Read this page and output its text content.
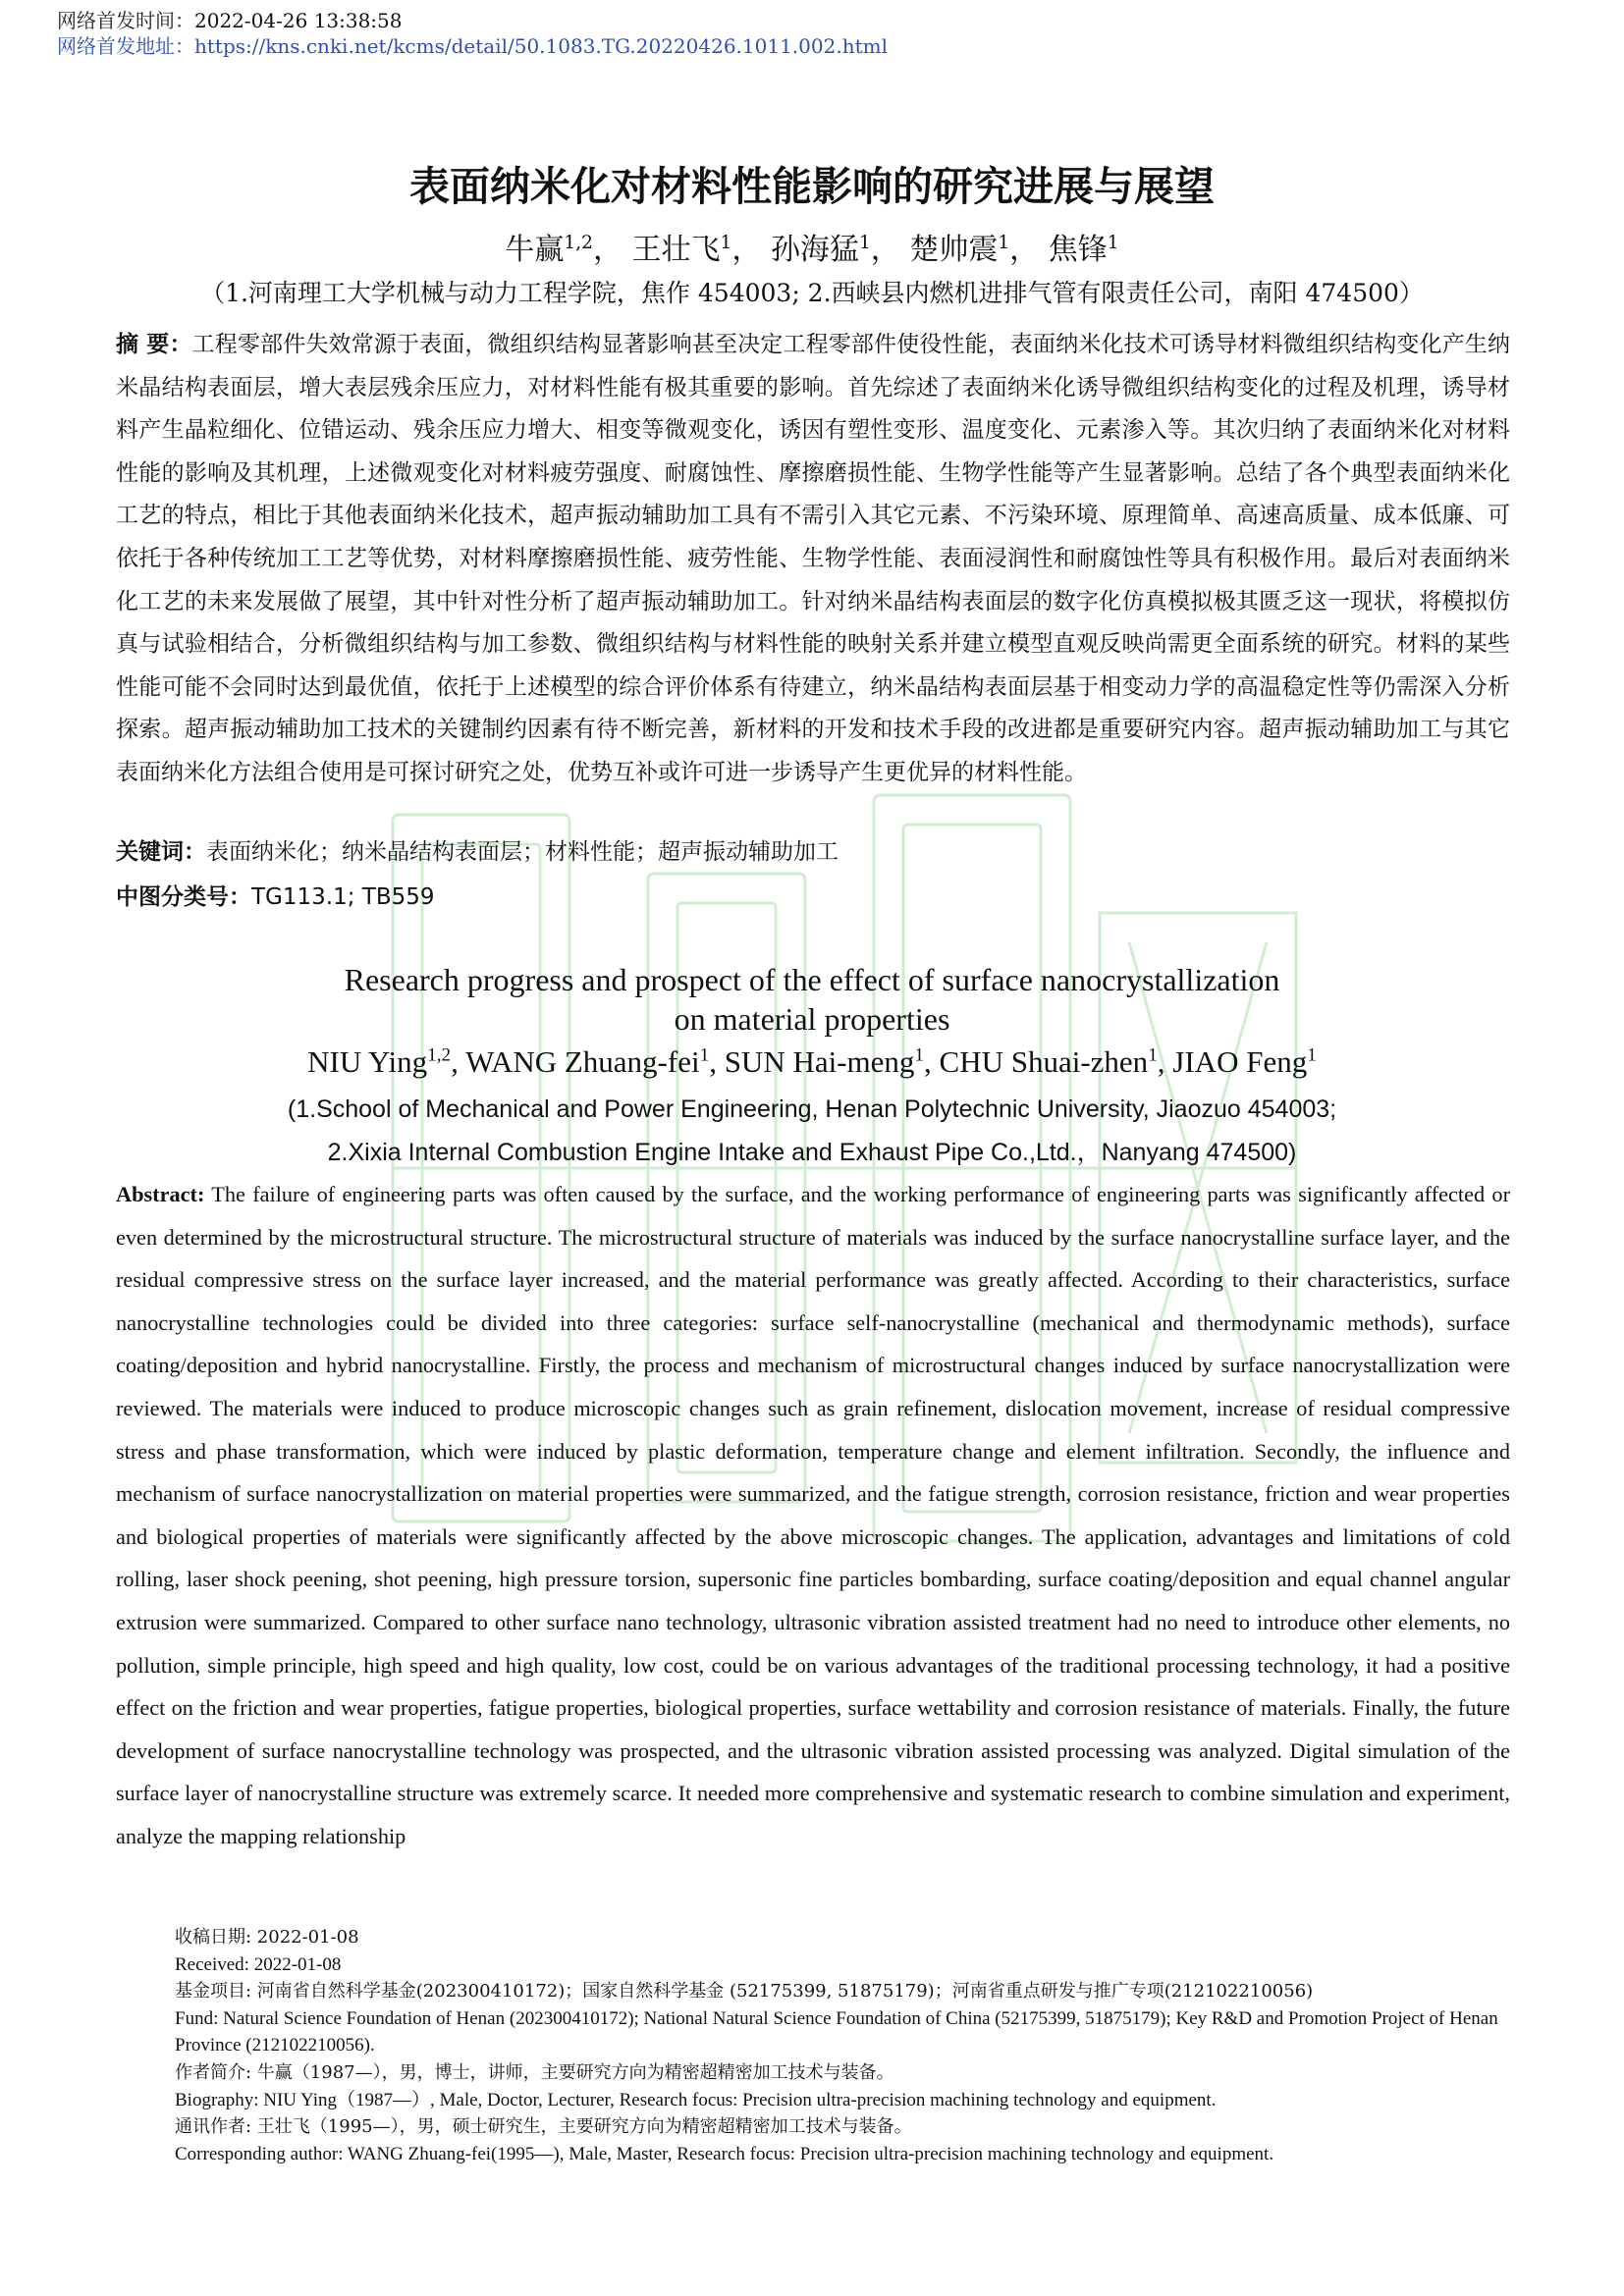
网络首发时间：2022-04-26 13:38:58
网络首发地址：https://kns.cnki.net/kcms/detail/50.1083.TG.20220426.1011.002.html
表面纳米化对材料性能影响的研究进展与展望
牛赢$^{1,2}$， 王壮飞$^1$， 孙海猛$^1$， 楚帅震$^1$， 焦锋$^1$
（1.河南理工大学机械与动力工程学院，焦作 454003; 2.西峡县内燃机进排气管有限责任公司，南阳 474500）
摘 要：工程零部件失效常源于表面，微组织结构显著影响甚至决定工程零部件使役性能，表面纳米化技术可诱导材料微组织结构变化产生纳米晶结构表面层，增大表层残余压应力，对材料性能有极其重要的影响。首先综述了表面纳米化诱导微组织结构变化的过程及机理，诱导材料产生晶粒细化、位错运动、残余压应力增大、相变等微观变化，诱因有塑性变形、温度变化、元素渗入等。其次归纳了表面纳米化对材料性能的影响及其机理，上述微观变化对材料疲劳强度、耐腐蚀性、摩擦磨损性能、生物学性能等产生显著影响。总结了各个典型表面纳米化工艺的特点，相比于其他表面纳米化技术，超声振动辅助加工具有不需引入其它元素、不污染环境、原理简单、高速高质量、成本低廉、可依托于各种传统加工工艺等优势，对材料摩擦磨损性能、疲劳性能、生物学性能、表面浸润性和耐腐蚀性等具有积极作用。最后对表面纳米化工艺的未来发展做了展望，其中针对性分析了超声振动辅助加工。针对纳米晶结构表面层的数字化仿真模拟极其匮乏这一现状，将模拟仿真与试验相结合，分析微组织结构与加工参数、微组织结构与材料性能的映射关系并建立模型直观反映尚需更全面系统的研究。材料的某些性能可能不会同时达到最优值，依托于上述模型的综合评价体系有待建立，纳米晶结构表面层基于相变动力学的高温稳定性等仍需深入分析探索。超声振动辅助加工技术的关键制约因素有待不断完善，新材料的开发和技术手段的改进都是重要研究内容。超声振动辅助加工与其它表面纳米化方法组合使用是可探讨研究之处，优势互补或许可进一步诱导产生更优异的材料性能。
关键词：表面纳米化；纳米晶结构表面层；材料性能；超声振动辅助加工
中图分类号：TG113.1; TB559
Research progress and prospect of the effect of surface nanocrystallization
on material properties
NIU Ying$^{1,2}$, WANG Zhuang-fei$^1$, SUN Hai-meng$^1$, CHU Shuai-zhen$^1$, JIAO Feng$^1$
(1.School of Mechanical and Power Engineering, Henan Polytechnic University, Jiaozuo 454003;
2.Xixia Internal Combustion Engine Intake and Exhaust Pipe Co.,Ltd.，Nanyang 474500)
Abstract: The failure of engineering parts was often caused by the surface, and the working performance of engineering parts was significantly affected or even determined by the microstructural structure. The microstructural structure of materials was induced by the surface nanocrystalline surface layer, and the residual compressive stress on the surface layer increased, and the material performance was greatly affected. According to their characteristics, surface nanocrystalline technologies could be divided into three categories: surface self-nanocrystalline (mechanical and thermodynamic methods), surface coating/deposition and hybrid nanocrystalline. Firstly, the process and mechanism of microstructural changes induced by surface nanocrystallization were reviewed. The materials were induced to produce microscopic changes such as grain refinement, dislocation movement, increase of residual compressive stress and phase transformation, which were induced by plastic deformation, temperature change and element infiltration. Secondly, the influence and mechanism of surface nanocrystallization on material properties were summarized, and the fatigue strength, corrosion resistance, friction and wear properties and biological properties of materials were significantly affected by the above microscopic changes. The application, advantages and limitations of cold rolling, laser shock peening, shot peening, high pressure torsion, supersonic fine particles bombarding, surface coating/deposition and equal channel angular extrusion were summarized. Compared to other surface nano technology, ultrasonic vibration assisted treatment had no need to introduce other elements, no pollution, simple principle, high speed and high quality, low cost, could be on various advantages of the traditional processing technology, it had a positive effect on the friction and wear properties, fatigue properties, biological properties, surface wettability and corrosion resistance of materials. Finally, the future development of surface nanocrystalline technology was prospected, and the ultrasonic vibration assisted processing was analyzed. Digital simulation of the surface layer of nanocrystalline structure was extremely scarce. It needed more comprehensive and systematic research to combine simulation and experiment, analyze the mapping relationship
收稿日期: 2022-01-08
Received: 2022-01-08
基金项目: 河南省自然科学基金(202300410172)；国家自然科学基金 (52175399, 51875179)；河南省重点研发与推广专项(212102210056)
Fund: Natural Science Foundation of Henan (202300410172); National Natural Science Foundation of China (52175399, 51875179); Key R&D and Promotion Project of Henan Province (212102210056).
作者简介: 牛赢（1987—），男，博士，讲师，主要研究方向为精密超精密加工技术与装备。
Biography: NIU Ying（1987—）, Male, Doctor, Lecturer, Research focus: Precision ultra-precision machining technology and equipment.
通讯作者: 王壮飞（1995—），男，硕士研究生，主要研究方向为精密超精密加工技术与装备。
Corresponding author: WANG Zhuang-fei(1995—), Male, Master, Research focus: Precision ultra-precision machining technology and equipment.
